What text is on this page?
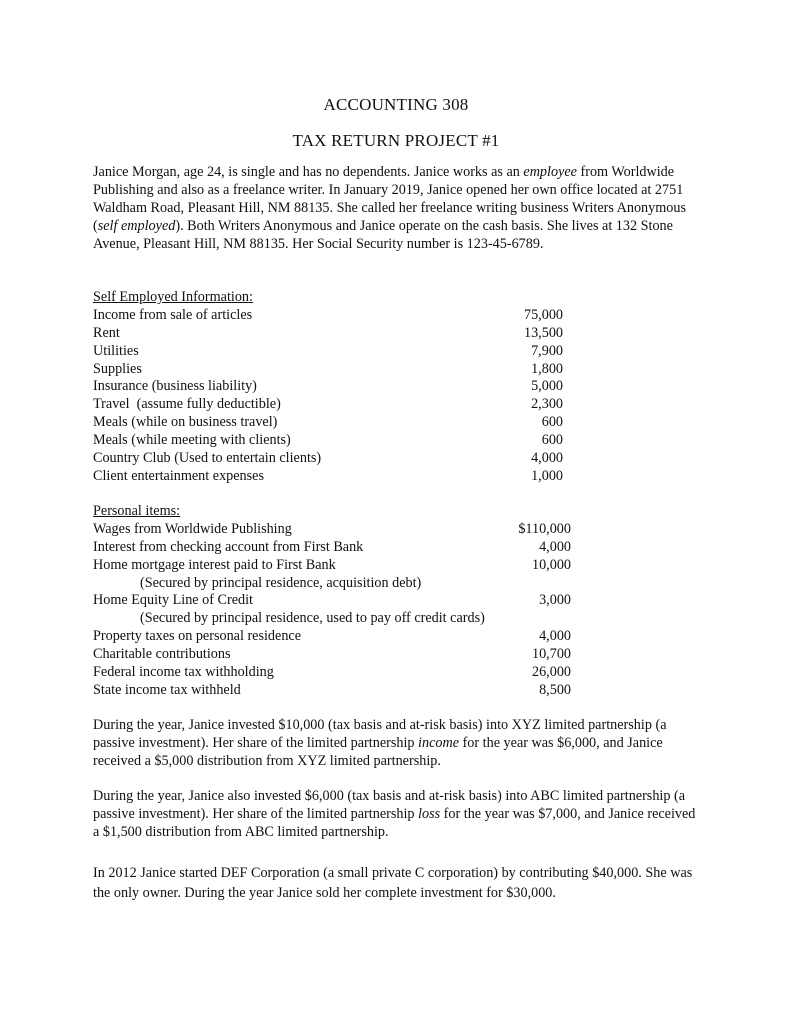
ACCOUNTING 308
TAX RETURN PROJECT #1
Janice Morgan, age 24, is single and has no dependents. Janice works as an employee from Worldwide Publishing and also as a freelance writer. In January 2019, Janice opened her own office located at 2751 Waldham Road, Pleasant Hill, NM 88135. She called her freelance writing business Writers Anonymous (self employed). Both Writers Anonymous and Janice operate on the cash basis. She lives at 132 Stone Avenue, Pleasant Hill, NM 88135. Her Social Security number is 123-45-6789.
Self Employed Information:
Income from sale of articles	75,000
Rent	13,500
Utilities	7,900
Supplies	1,800
Insurance (business liability)	5,000
Travel  (assume fully deductible)	2,300
Meals (while on business travel)	600
Meals (while meeting with clients)	600
Country Club (Used to entertain clients)	4,000
Client entertainment expenses	1,000
Personal items:
Wages from Worldwide Publishing	$110,000
Interest from checking account from First Bank	4,000
Home mortgage interest paid to First Bank	10,000
(Secured by principal residence, acquisition debt)
Home Equity Line of Credit	3,000
(Secured by principal residence, used to pay off credit cards)
Property taxes on personal residence	4,000
Charitable contributions	10,700
Federal income tax withholding	26,000
State income tax withheld	8,500
During the year, Janice invested $10,000 (tax basis and at-risk basis) into XYZ limited partnership (a passive investment). Her share of the limited partnership income for the year was $6,000, and Janice received a $5,000 distribution from XYZ limited partnership.
During the year, Janice also invested $6,000 (tax basis and at-risk basis) into ABC limited partnership (a passive investment). Her share of the limited partnership loss for the year was $7,000, and Janice received a $1,500 distribution from ABC limited partnership.
In 2012 Janice started DEF Corporation (a small private C corporation) by contributing $40,000. She was the only owner. During the year Janice sold her complete investment for $30,000.
